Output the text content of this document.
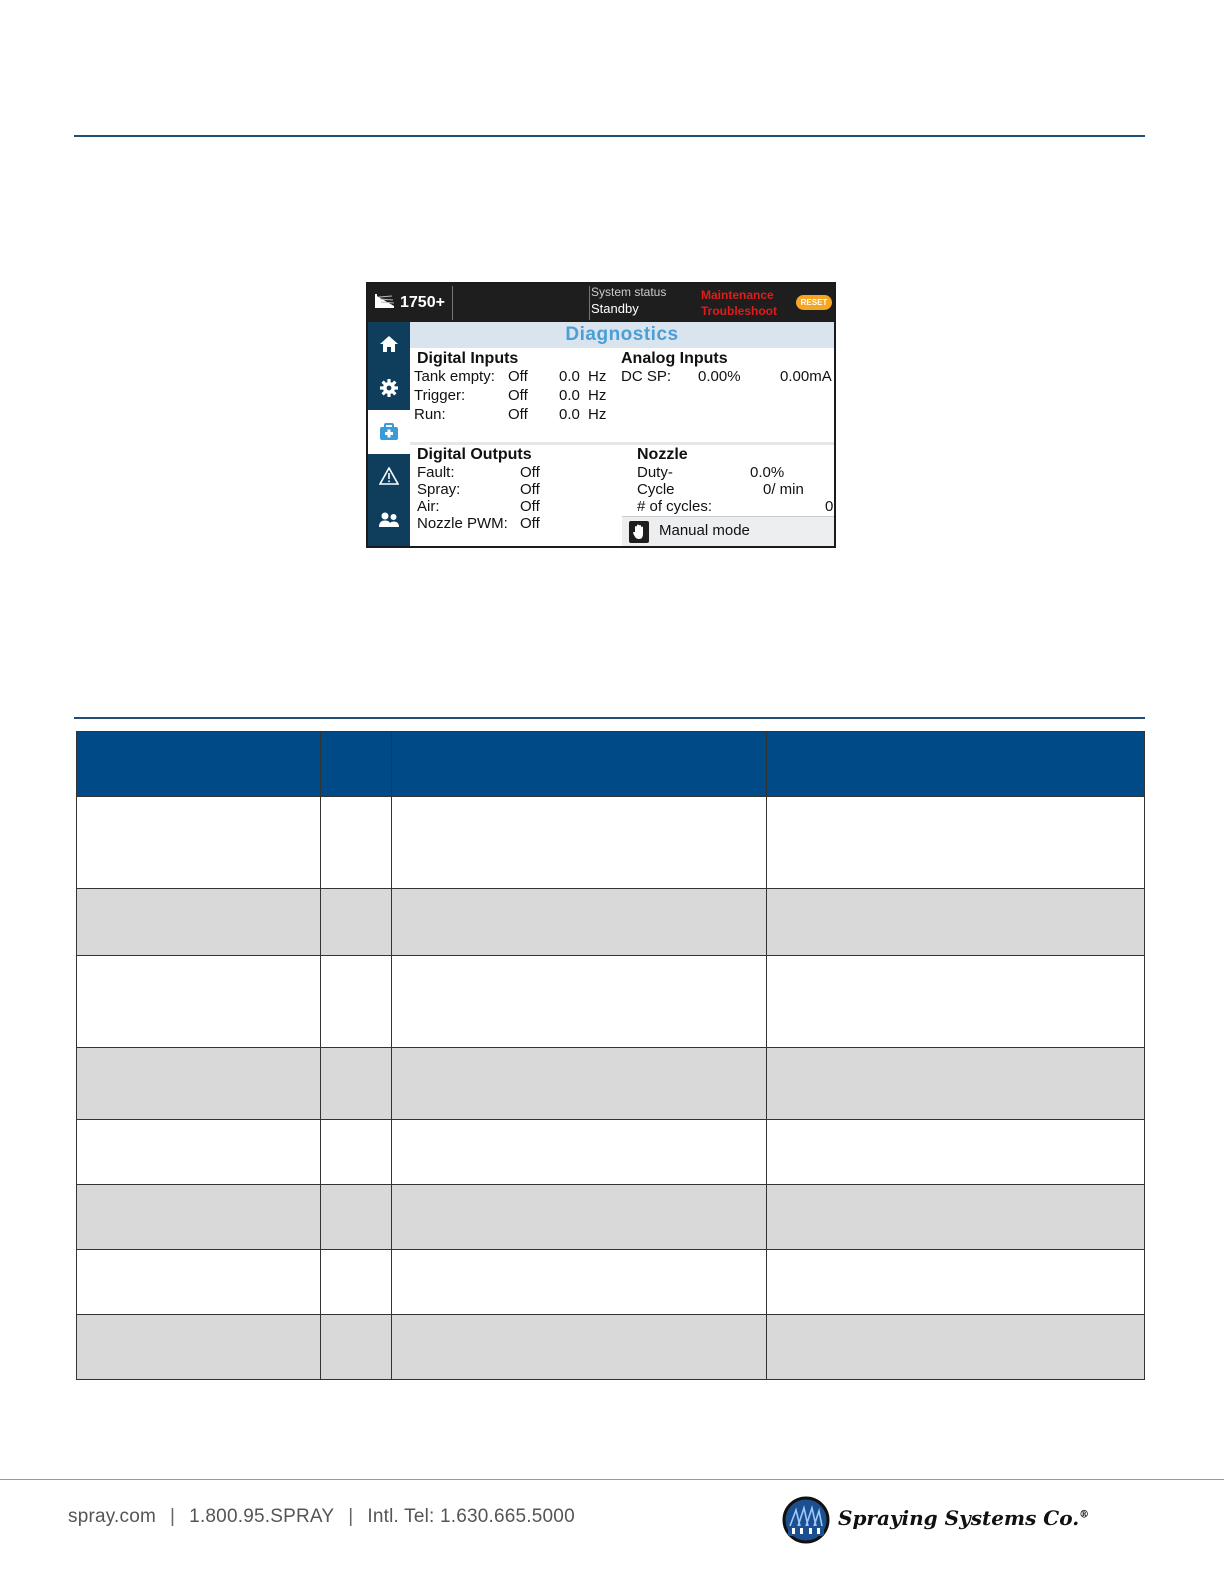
1750+
System status
Standby
Maintenance
Troubleshoot
RESET
Diagnostics
Digital Inputs
Tank empty: Off 0.0 Hz
Trigger:	Off 0.0 Hz
Run:	Off 0.0 Hz
Analog Inputs
DC SP: 0.00%	0.00mA
Digital Outputs
Fault:	Off
Spray:	Off
Air:	Off
Nozzle PWM: Off
Nozzle
Duty-	0.0%
Cycle	0/ min
# of cycles:	0
Manual mode

spray.com | 1.800.95.SPRAY | Intl. Tel: 1.630.665.5000	Spraying Systems Co.®
